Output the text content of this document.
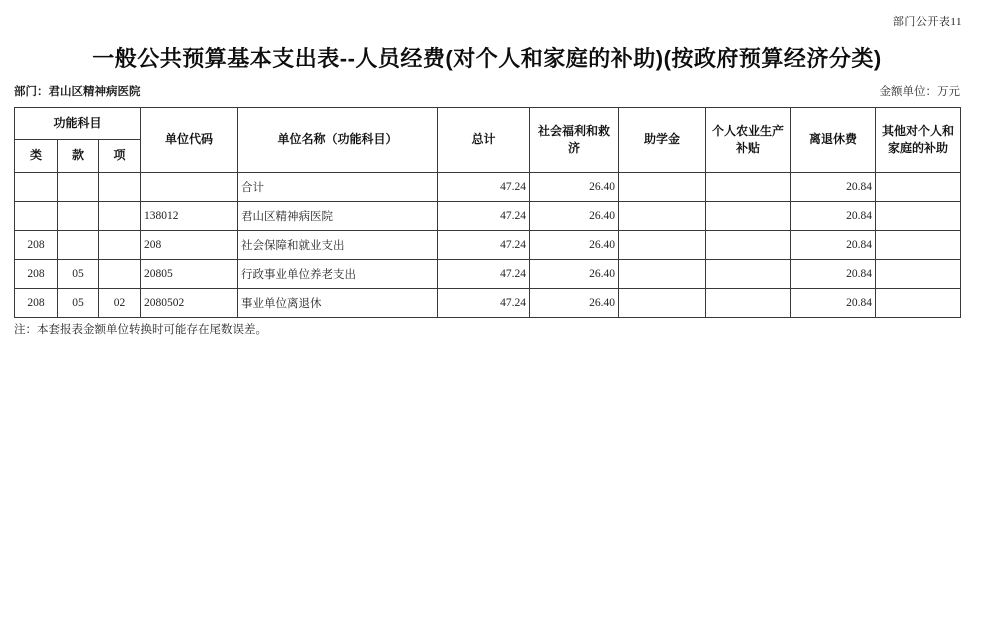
部门公开表11
一般公共预算基本支出表--人员经费(对个人和家庭的补助)(按政府预算经济分类)
部门：君山区精神病医院	金额单位：万元
功能科目			单位代码	单位名称（功能科目）	总计	社会福利和救济	助学金	个人农业生产补贴	离退休费	其他对个人和家庭的补助
类	款	项								
				合计	47.24	26.40			20.84	
			138012	君山区精神病医院	47.24	26.40			20.84	
208			208	社会保障和就业支出	47.24	26.40			20.84	
208	05		20805	行政事业单位养老支出	47.24	26.40			20.84	
208	05	02	2080502	事业单位离退休	47.24	26.40			20.84	
注：本套报表金额单位转换时可能存在尾数误差。
